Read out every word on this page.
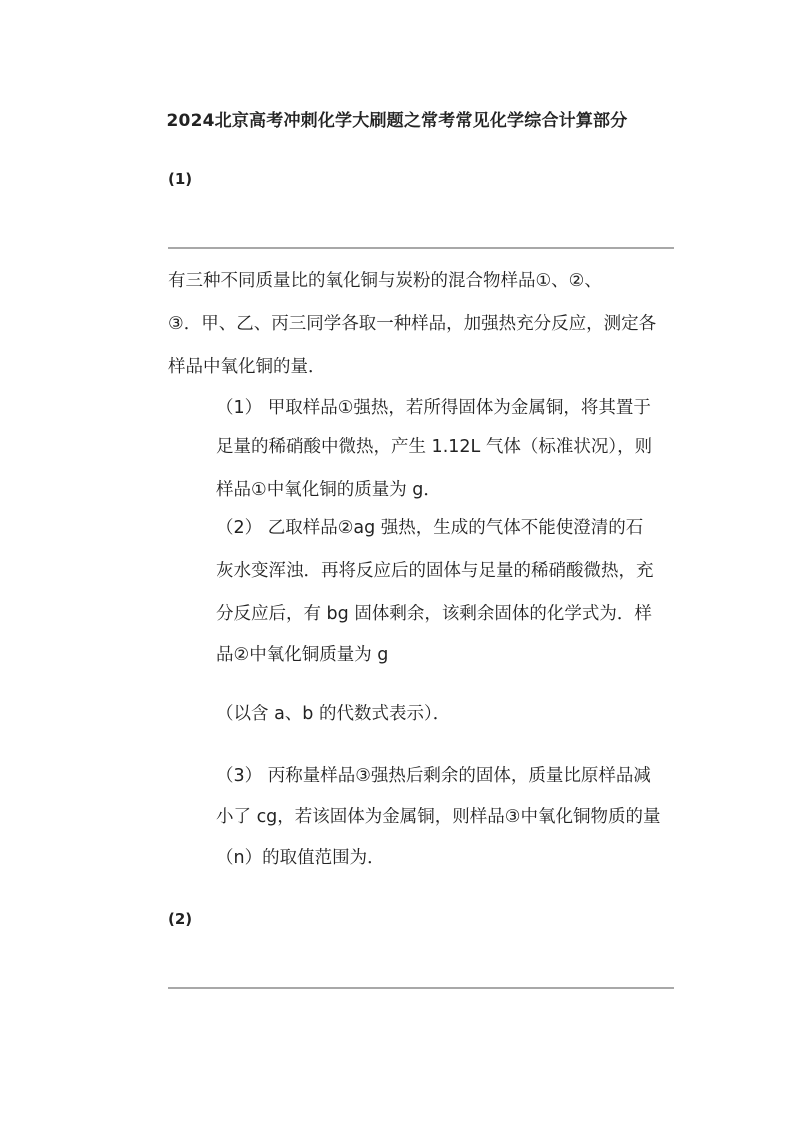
2024北京高考冲刺化学大刷题之常考常见化学综合计算部分
(1)
有三种不同质量比的氧化铜与炭粉的混合物样品①、②、
③．甲、乙、丙三同学各取一种样品，加强热充分反应，测定各
样品中氧化铜的量．
（1） 甲取样品①强热，若所得固体为金属铜，将其置于
足量的稀硝酸中微热，产生 1.12L 气体（标准状况），则
样品①中氧化铜的质量为 g．
（2） 乙取样品②ag 强热，生成的气体不能使澄清的石
灰水变浑浊．再将反应后的固体与足量的稀硝酸微热，充
分反应后，有 bg 固体剩余，该剩余固体的化学式为．样
品②中氧化铜质量为 g
（以含 a、b 的代数式表示）．
（3） 丙称量样品③强热后剩余的固体，质量比原样品减
小了 cg，若该固体为金属铜，则样品③中氧化铜物质的量
（n）的取值范围为．
(2)
